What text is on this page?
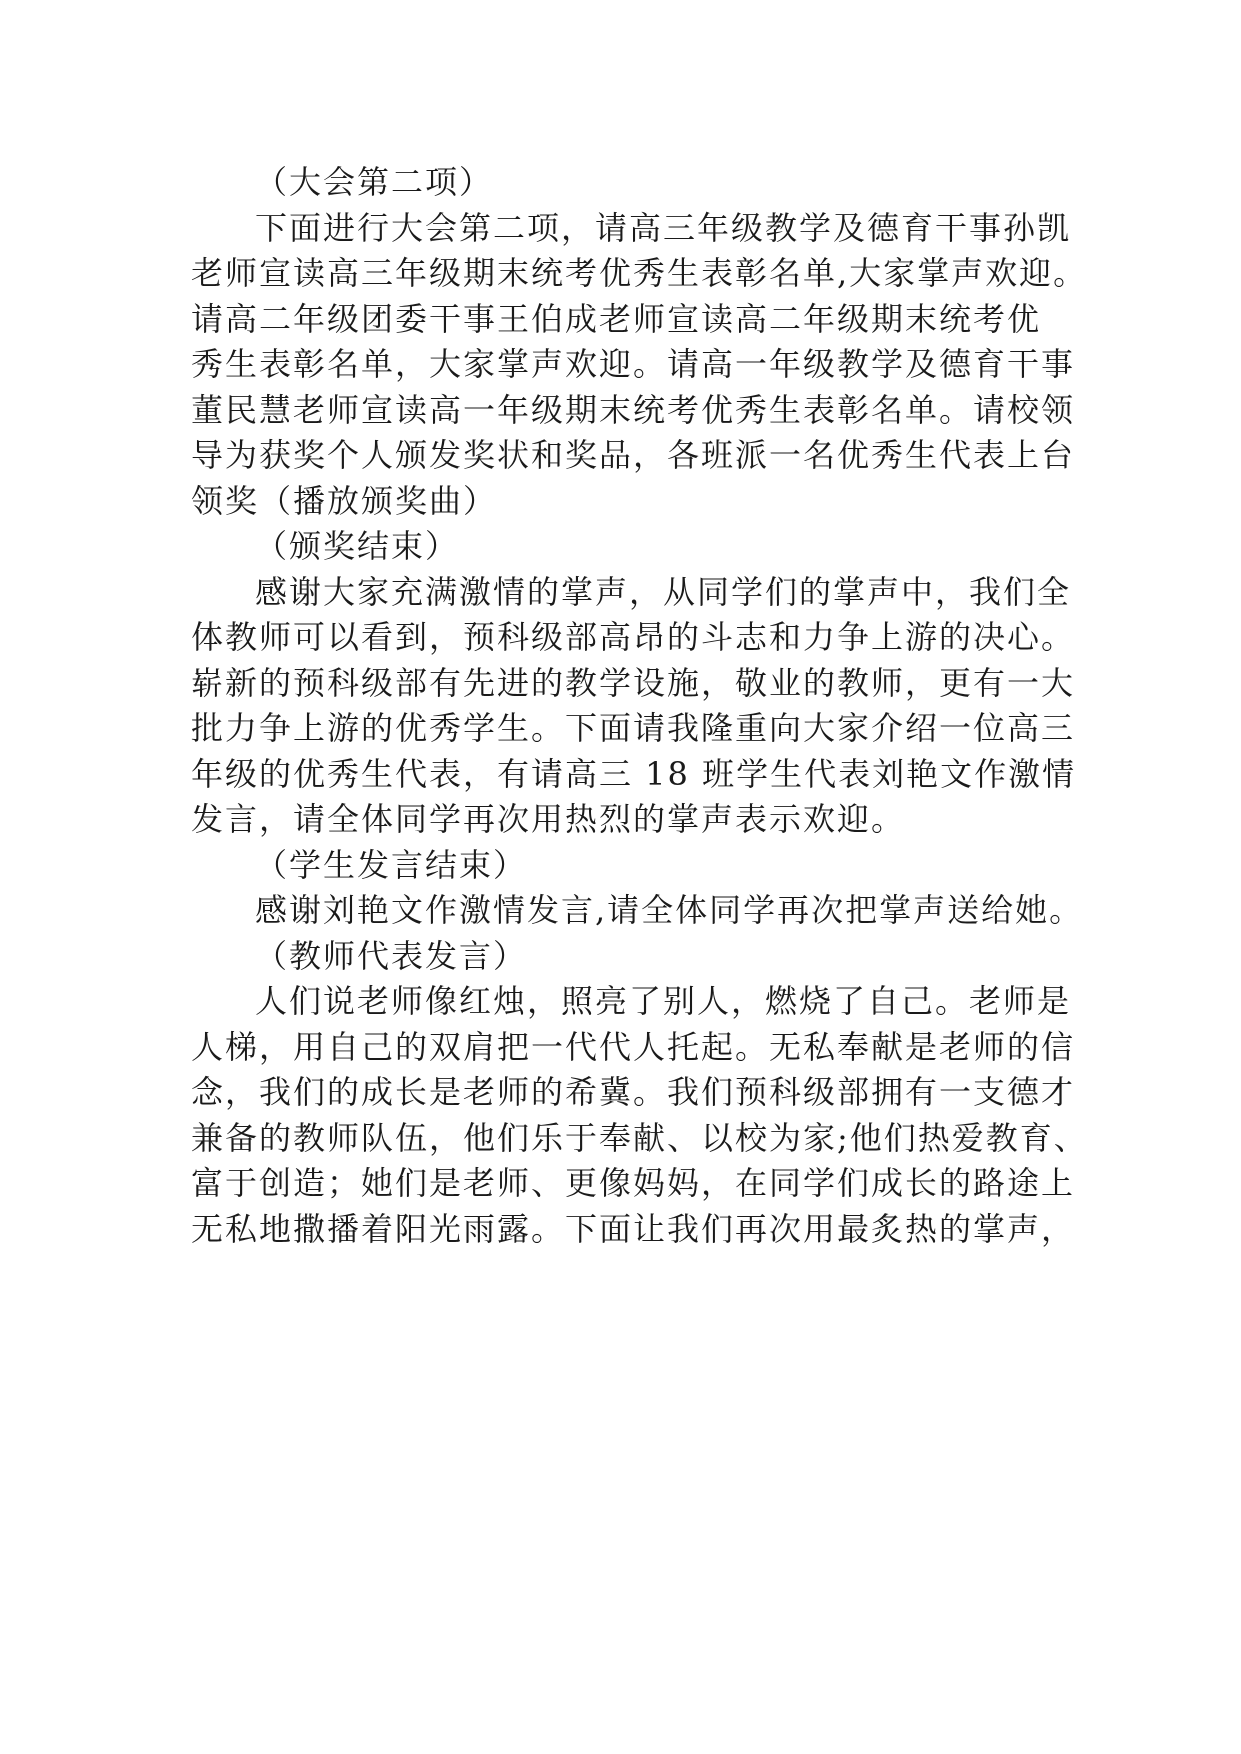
（大会第二项）
下面进行大会第二项，请高三年级教学及德育干事孙凯
老师宣读高三年级期末统考优秀生表彰名单,大家掌声欢迎。
请高二年级团委干事王伯成老师宣读高二年级期末统考优
秀生表彰名单，大家掌声欢迎。请高一年级教学及德育干事
董民慧老师宣读高一年级期末统考优秀生表彰名单。请校领
导为获奖个人颁发奖状和奖品，各班派一名优秀生代表上台
领奖（播放颁奖曲）
（颁奖结束）
感谢大家充满激情的掌声，从同学们的掌声中，我们全
体教师可以看到，预科级部高昂的斗志和力争上游的决心。
崭新的预科级部有先进的教学设施，敬业的教师，更有一大
批力争上游的优秀学生。下面请我隆重向大家介绍一位高三
年级的优秀生代表，有请高三 18 班学生代表刘艳文作激情
发言，请全体同学再次用热烈的掌声表示欢迎。
（学生发言结束）
感谢刘艳文作激情发言,请全体同学再次把掌声送给她。
（教师代表发言）
人们说老师像红烛，照亮了别人，燃烧了自己。老师是
人梯，用自己的双肩把一代代人托起。无私奉献是老师的信
念，我们的成长是老师的希冀。我们预科级部拥有一支德才
兼备的教师队伍，他们乐于奉献、以校为家;他们热爱教育、
富于创造；她们是老师、更像妈妈，在同学们成长的路途上
无私地撒播着阳光雨露。下面让我们再次用最炙热的掌声，
